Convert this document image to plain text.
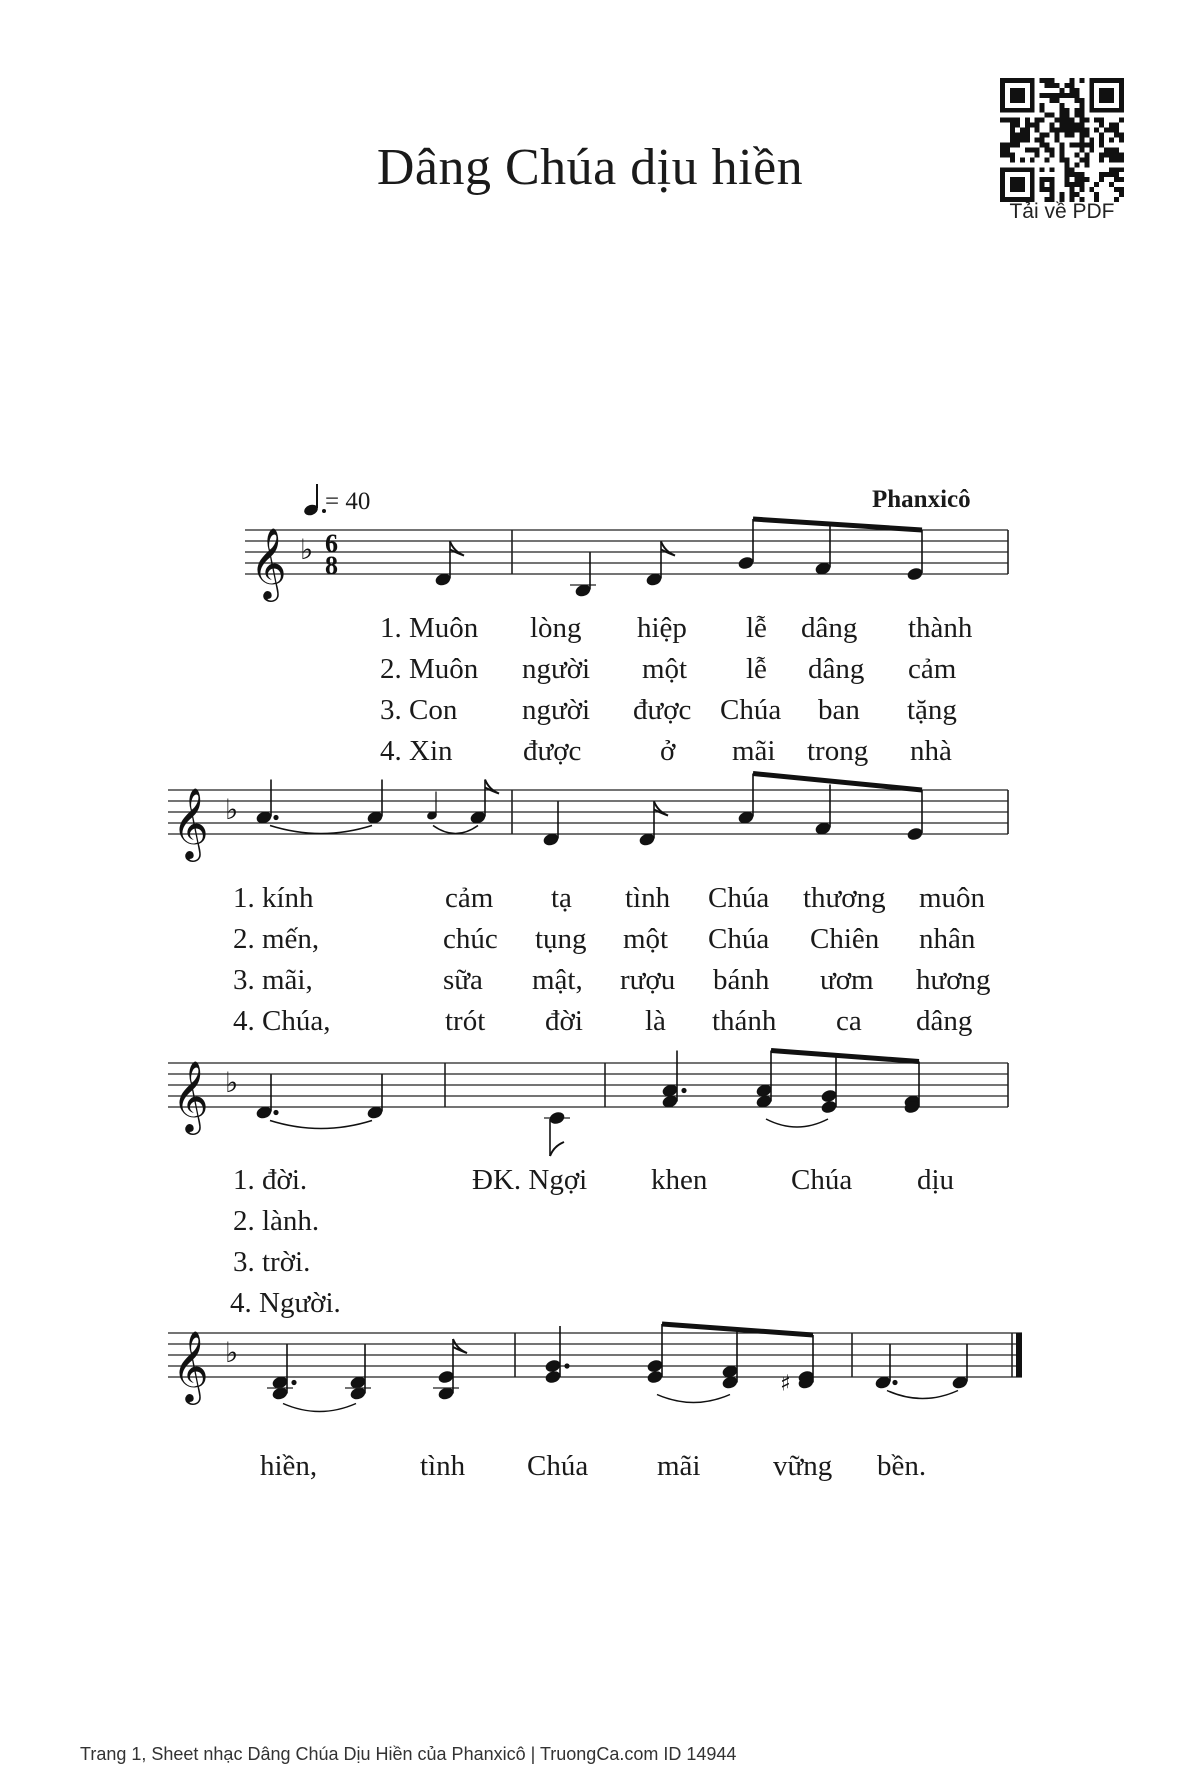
Dâng Chúa dịu hiền
Tải về PDF
= 40	Phanxicô
𝄞 ♭ 6
8
𝄞 ♭
𝄞 ♭
𝄞 ♭
♯
1. Muôn lòng hiệp lễ dâng thành
2. Muôn người một lễ dâng cảm
3. Con người được Chúa ban tặng
4. Xin được	ở mãi trong nhà
1. kính	cảm tạ tình Chúa thương muôn
2. mến,	chúc tụng một Chúa Chiên nhân
3. mãi,	sữa mật, rượu bánh ươm hương
4. Chúa,	trót đời là thánh ca dâng
1. đời.	ĐK. Ngợi khen	Chúa dịu
2. lành.
3. trời.
4. Người.
hiền,	tình Chúa mãi	vững bền.
Trang 1, Sheet nhạc Dâng Chúa Dịu Hiền của Phanxicô | TruongCa.com ID 14944
